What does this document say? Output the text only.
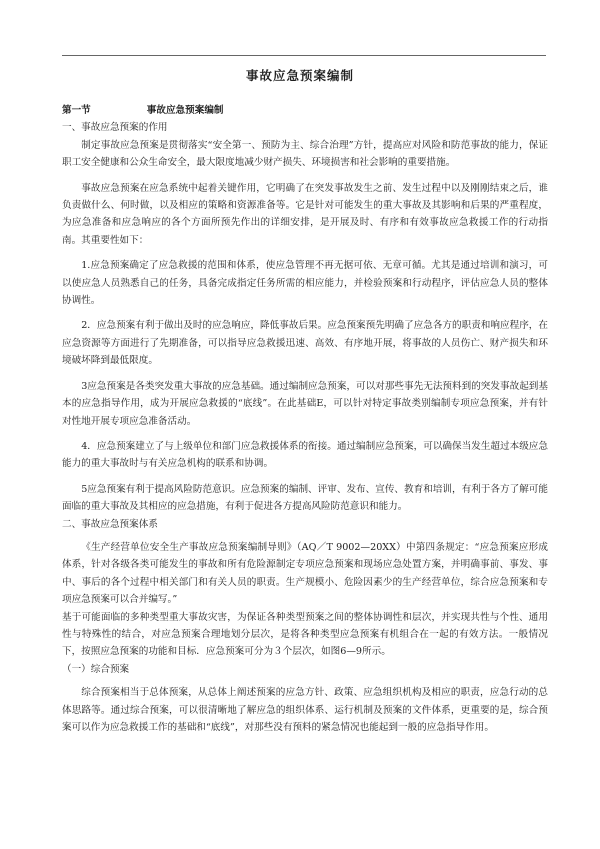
事故应急预案编制

第一节	事故应急预案编制

一、事故应急预案的作用

制定事故应急预案是贯彻落实“安全第一、预防为主、综合治理”方针，提高应对风险和防范事故的能力，保证职工安全健康和公众生命安全，最大限度地减少财产损失、环境损害和社会影响的重要措施。

事故应急预案在应急系统中起着关键作用，它明确了在突发事故发生之前、发生过程中以及刚刚结束之后，谁负责做什么、何时做，以及相应的策略和资源准备等。它是针对可能发生的重大事故及其影响和后果的严重程度，为应急准备和应急响应的各个方面所预先作出的详细安排，是开展及时、有序和有效事故应急救援工作的行动指南。其重要性如下：

1.应急预案确定了应急救援的范围和体系，使应急管理不再无据可依、无章可循。尤其是通过培训和演习，可以使应急人员熟悉自己的任务，具备完成指定任务所需的相应能力，并检验预案和行动程序，评估应急人员的整体协调性。

2．应急预案有利于做出及时的应急响应，降低事故后果。应急预案预先明确了应急各方的职责和响应程序，在应急资源等方面进行了先期准备，可以指导应急救援迅速、高效、有序地开展，将事故的人员伤亡、财产损失和环境破坏降到最低限度。

3应急预案是各类突发重大事故的应急基础。通过编制应急预案，可以对那些事先无法预料到的突发事故起到基本的应急指导作用，成为开展应急救援的“底线”。在此基础E，可以针对特定事故类别编制专项应急预案，并有针对性地开展专项应急准备活动。

4．应急预案建立了与上级单位和部门应急救援体系的衔接。通过编制应急预案，可以确保当发生超过本级应急能力的重大事故时与有关应急机构的联系和协调。

5应急预案有利于提高风险防范意识。应急预案的编制、评审、发布、宣传、教育和培训，有利于各方了解可能面临的重大事故及其相应的应急措施，有利于促进各方提高风险防范意识和能力。

二、事故应急预案体系

《生产经营单位安全生产事故应急预案编制导则》（AQ／T 9002—20XX）中第四条规定：“应急预案应形成体系，针对各级各类可能发生的事故和所有危险源制定专项应急预案和现场应急处置方案，并明确事前、事发、事中、事后的各个过程中相关部门和有关人员的职责。生产规模小、危险因素少的生产经营单位，综合应急预案和专项应急预案可以合并编写。”

基于可能面临的多种类型重大事故灾害，为保证各种类型预案之间的整体协调性和层次，并实现共性与个性、通用性与特殊性的结合，对应急预案合理地划分层次，是将各种类型应急预案有机组合在一起的有效方法。一般情况下，按照应急预案的功能和目标．应急预案可分为３个层次，如图6—9所示。

（一）综合预案

综合预案相当于总体预案，从总体上阐述预案的应急方针、政策、应急组织机构及相应的职责，应急行动的总体思路等。通过综合预案，可以很清晰地了解应急的组织体系、运行机制及预案的文件体系，更重要的是，综合预案可以作为应急救援工作的基础和“底线”，对那些没有预料的紧急情况也能起到一般的应急指导作用。
